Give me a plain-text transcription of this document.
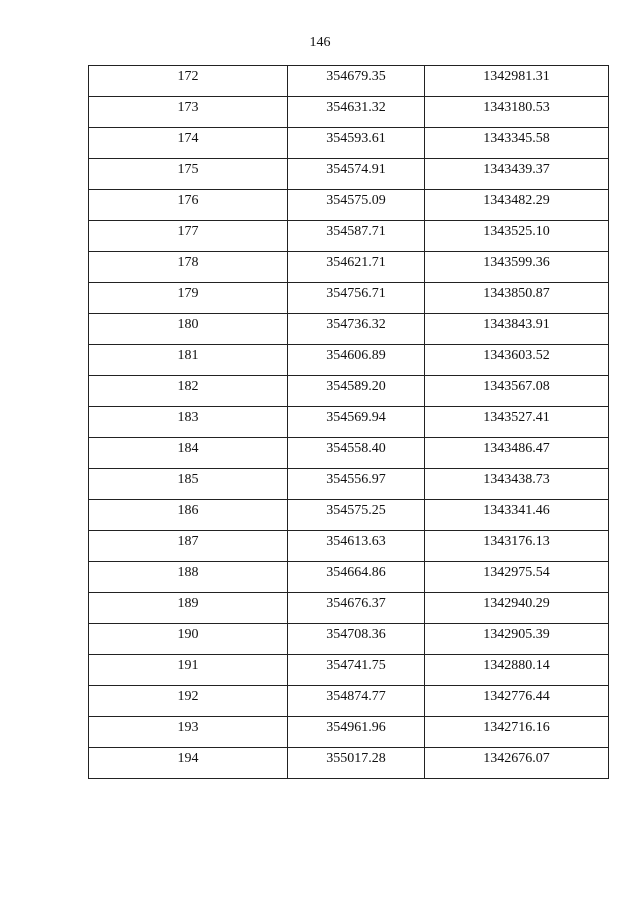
146
172	354679.35	1342981.31
173	354631.32	1343180.53
174	354593.61	1343345.58
175	354574.91	1343439.37
176	354575.09	1343482.29
177	354587.71	1343525.10
178	354621.71	1343599.36
179	354756.71	1343850.87
180	354736.32	1343843.91
181	354606.89	1343603.52
182	354589.20	1343567.08
183	354569.94	1343527.41
184	354558.40	1343486.47
185	354556.97	1343438.73
186	354575.25	1343341.46
187	354613.63	1343176.13
188	354664.86	1342975.54
189	354676.37	1342940.29
190	354708.36	1342905.39
191	354741.75	1342880.14
192	354874.77	1342776.44
193	354961.96	1342716.16
194	355017.28	1342676.07
